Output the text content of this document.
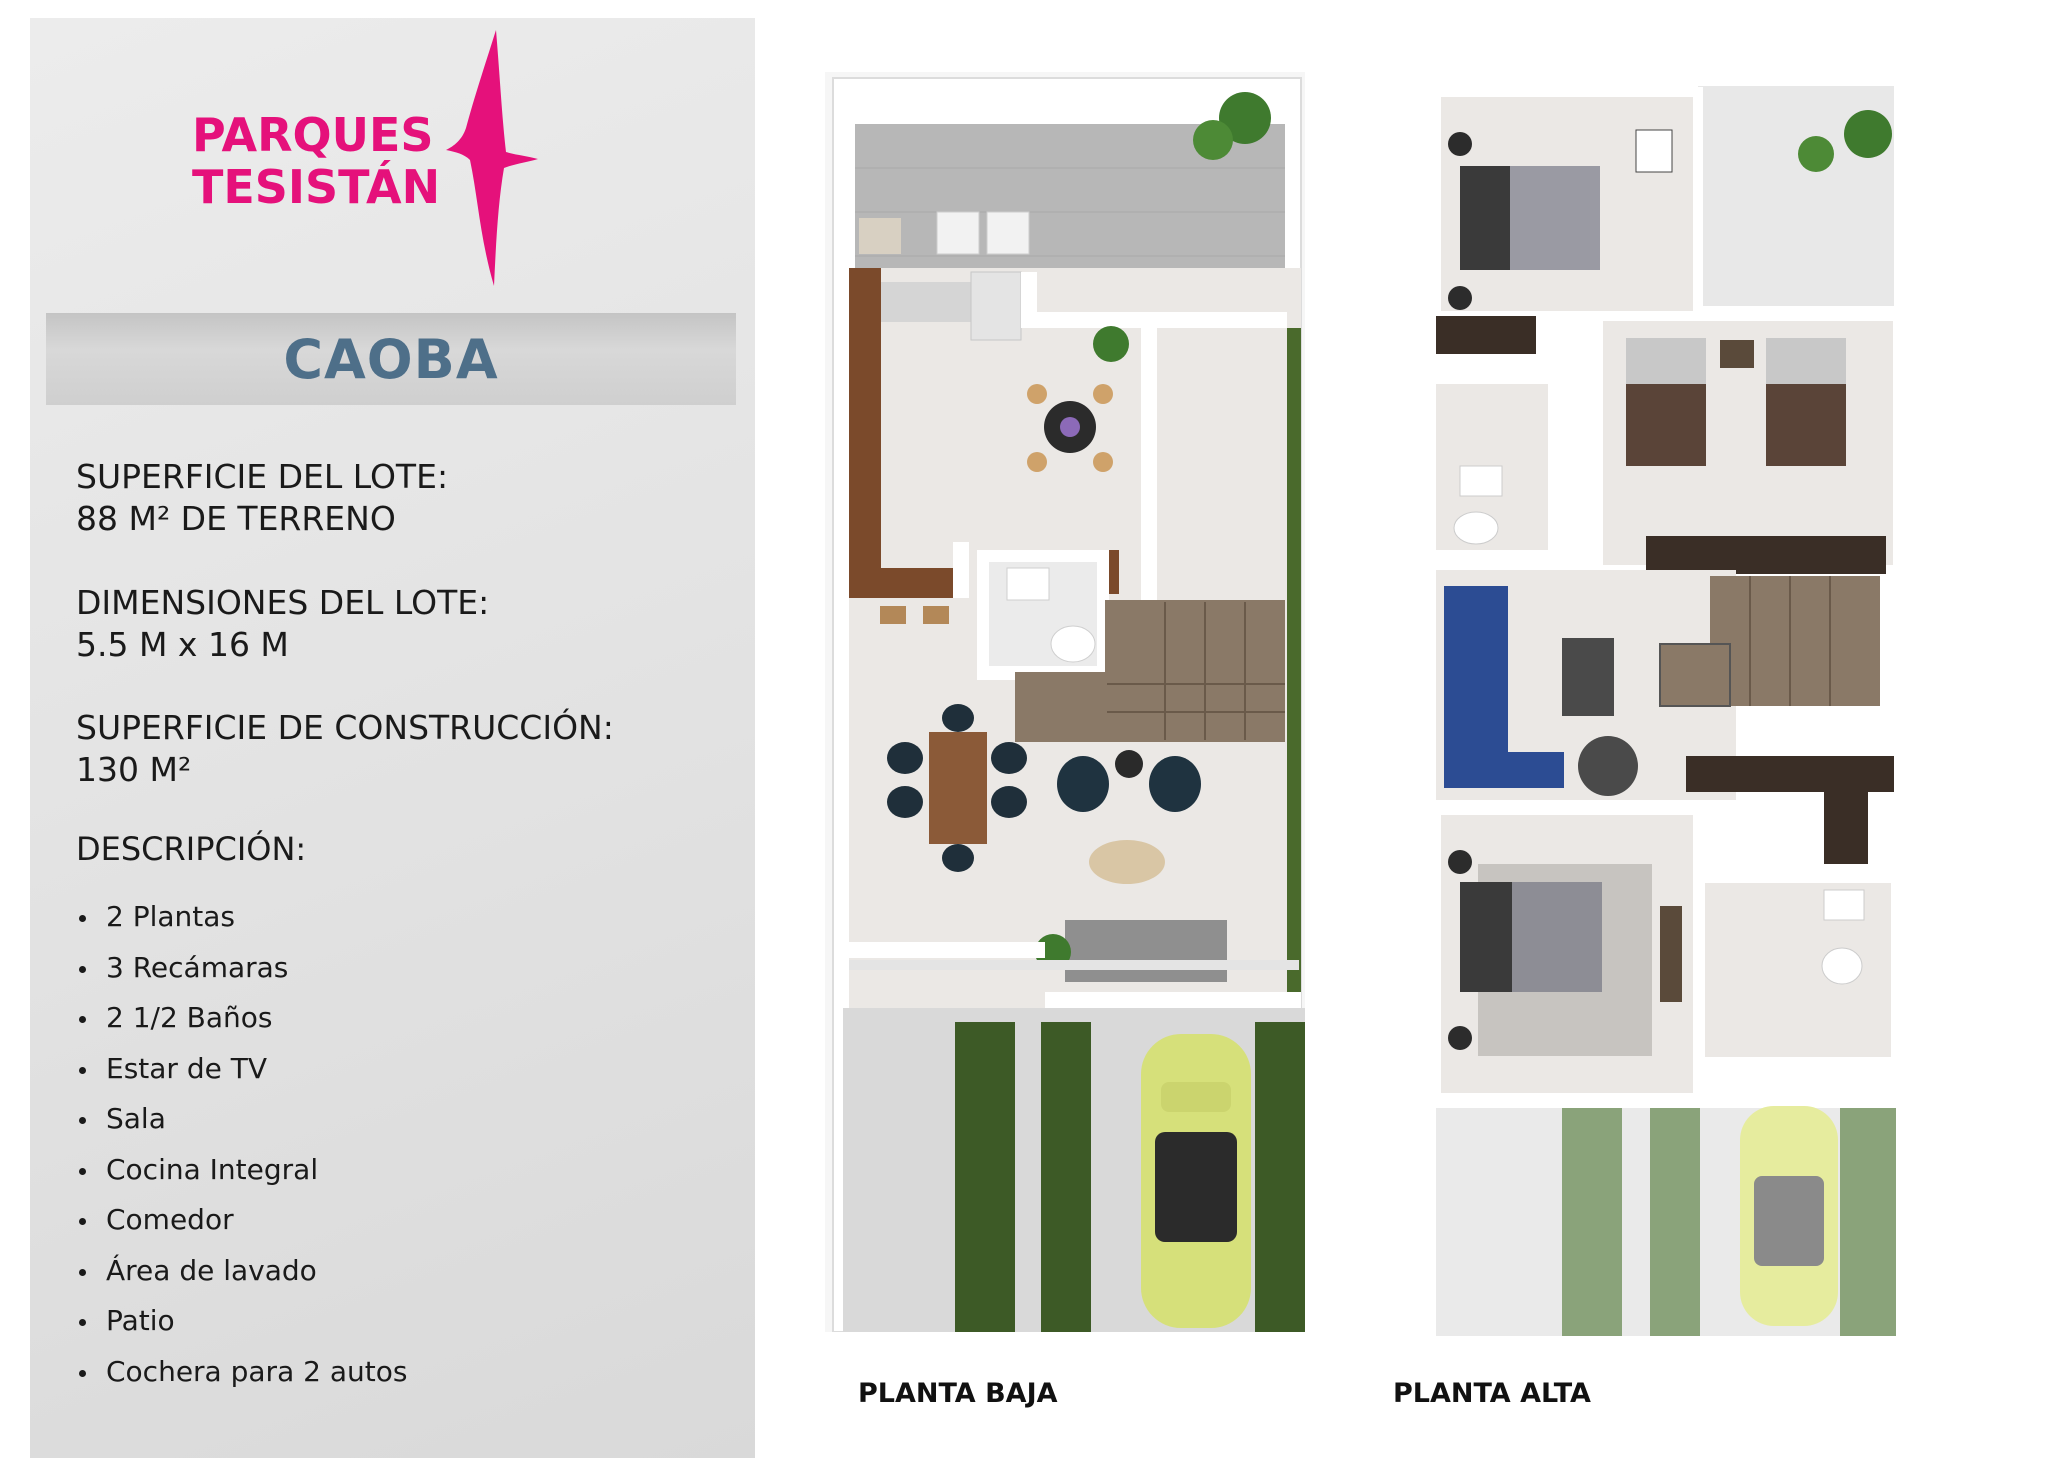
PARQUES
TESISTÁN
CAOBA
SUPERFICIE DEL LOTE:
88 M² DE TERRENO
DIMENSIONES DEL LOTE:
5.5 M x 16 M
SUPERFICIE DE CONSTRUCCIÓN:
130 M²
DESCRIPCIÓN:
2 Plantas
3 Recámaras
2 1/2 Baños
Estar de TV
Sala
Cocina Integral
Comedor
Área de lavado
Patio
Cochera para 2 autos
PLANTA BAJA	PLANTA ALTA
